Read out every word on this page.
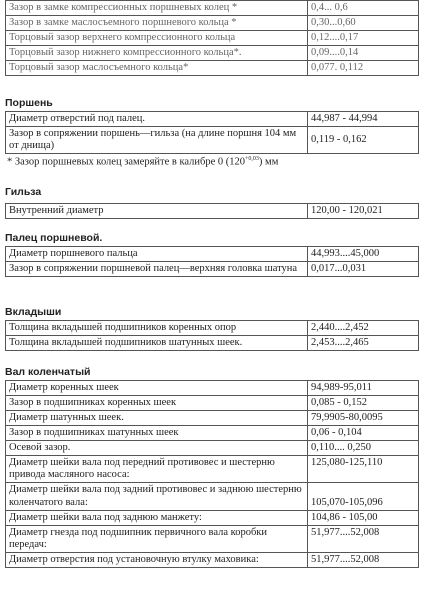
Зазор в замке компрессионных поршневых колец *	0,4... 0,6
Зазор в замке маслосъемного поршневого кольца *	0,30...0,60
Торцовый зазор верхнего компрессионного кольца	0,12....0,17
Торцовый зазор нижнего компрессионного кольца*.	0,09....0,14
Торцовый зазор маслосъемного кольца*	0,077. 0,112
Поршень
Диаметр отверстий под палец.	44,987 - 44,994
Зазор в сопряжении поршень—гильза (на длине поршня 104 мм от днища)	0,119 - 0,162
* Зазор поршневых колец замеряйте в калибре 0 $(120^{+0,03})$ мм
Гильза
Внутренний диаметр	120,00 - 120,021
Палец поршневой.
Диаметр поршневого пальца	44,993....45,000
Зазор в сопряжении поршневой палец—верхняя головка шатуна	0,017...0,031
Вкладыши
Толщина вкладышей подшипников коренных опор	2,440....2,452
Толщина вкладышей подшипников шатунных шеек.	2,453....2,465
Вал коленчатый
Диаметр коренных шеек	94,989-95,011
Зазор в подшипниках коренных шеек	0,085 - 0,152
Диаметр шатунных шеек.	79,9905-80,0095
Зазор в подшипниках шатунных шеек	0,06 - 0,104
Осевой зазор.	0,110.... 0,250
Диаметр шейки вала под передний противовес и шестерню привода масляного насоса:	125,080-125,110
Диаметр шейки вала под задний противовес и заднюю шестерню коленчатого вала:	105,070-105,096
Диаметр шейки вала под заднюю манжету:	104,86 - 105,00
Диаметр гнезда под подшипник первичного вала коробки передач:	51,977....52,008
Диаметр отверстия под установочную втулку маховика:	51,977....52,008
